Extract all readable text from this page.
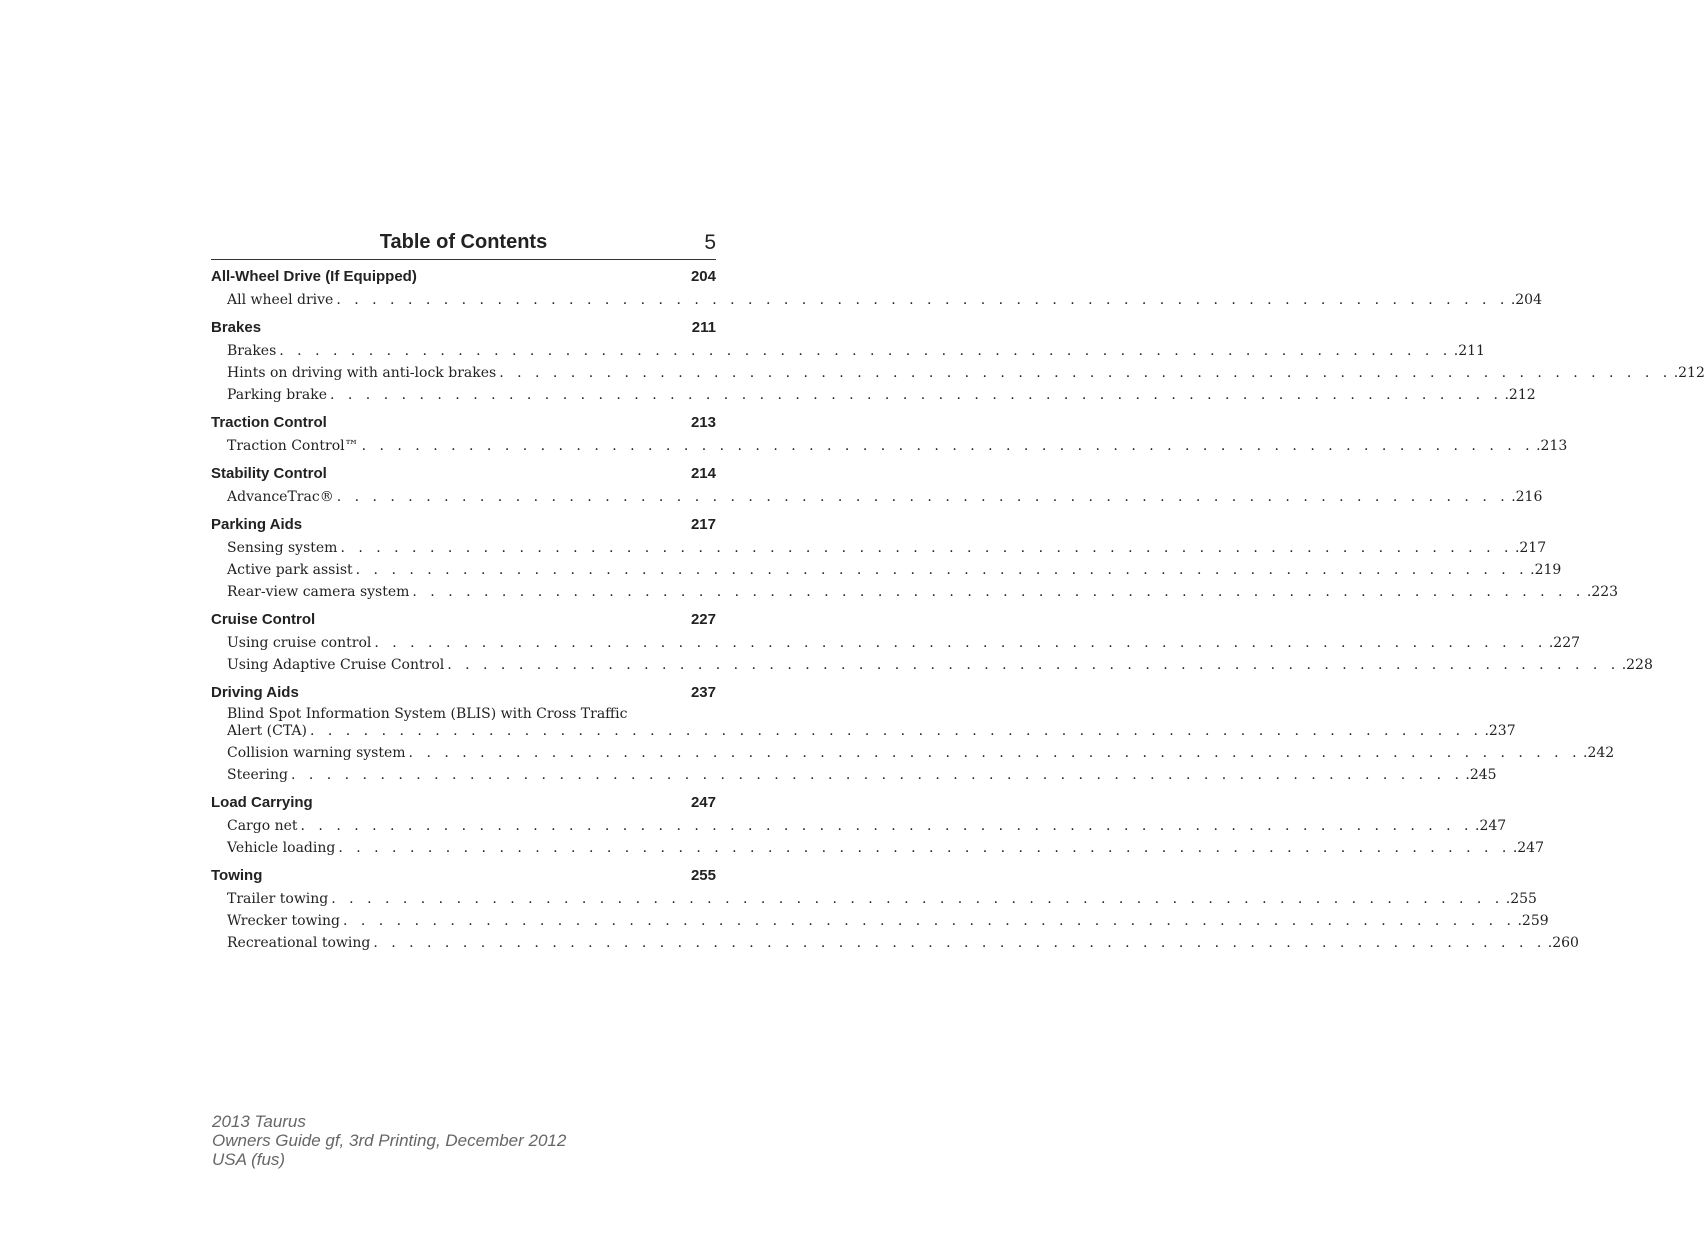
Table of Contents	5
All-Wheel Drive (If Equipped)	204
All wheel drive . . . . . . . . . . . . . . . . . . . . . . . . . . . . . . . . . . . . . . . . . . . . . . . . . . . . . . . . . . . . . . . . . . .204
Brakes	211
Brakes . . . . . . . . . . . . . . . . . . . . . . . . . . . . . . . . . . . . . . . . . . . . . . . . . . . . . . . . . . . . . . . . . . .211
Hints on driving with anti-lock brakes . . . . . . . . . . . . . . . . . . . . . . . . . . . . . . . . . . . . . . . . . . . . . . . . . . . . . . . . . . . . . . . . . . .212
Parking brake . . . . . . . . . . . . . . . . . . . . . . . . . . . . . . . . . . . . . . . . . . . . . . . . . . . . . . . . . . . . . . . . . . .212
Traction Control	213
Traction Control™ . . . . . . . . . . . . . . . . . . . . . . . . . . . . . . . . . . . . . . . . . . . . . . . . . . . . . . . . . . . . . . . . . . .213
Stability Control	214
AdvanceTrac® . . . . . . . . . . . . . . . . . . . . . . . . . . . . . . . . . . . . . . . . . . . . . . . . . . . . . . . . . . . . . . . . . . .216
Parking Aids	217
Sensing system . . . . . . . . . . . . . . . . . . . . . . . . . . . . . . . . . . . . . . . . . . . . . . . . . . . . . . . . . . . . . . . . . . .217
Active park assist . . . . . . . . . . . . . . . . . . . . . . . . . . . . . . . . . . . . . . . . . . . . . . . . . . . . . . . . . . . . . . . . . . .219
Rear-view camera system . . . . . . . . . . . . . . . . . . . . . . . . . . . . . . . . . . . . . . . . . . . . . . . . . . . . . . . . . . . . . . . . . . .223
Cruise Control	227
Using cruise control . . . . . . . . . . . . . . . . . . . . . . . . . . . . . . . . . . . . . . . . . . . . . . . . . . . . . . . . . . . . . . . . . . .227
Using Adaptive Cruise Control . . . . . . . . . . . . . . . . . . . . . . . . . . . . . . . . . . . . . . . . . . . . . . . . . . . . . . . . . . . . . . . . . . .228
Driving Aids	237
Blind Spot Information System (BLIS) with Cross Traffic
Alert (CTA) . . . . . . . . . . . . . . . . . . . . . . . . . . . . . . . . . . . . . . . . . . . . . . . . . . . . . . . . . . . . . . . . . . .237
Collision warning system . . . . . . . . . . . . . . . . . . . . . . . . . . . . . . . . . . . . . . . . . . . . . . . . . . . . . . . . . . . . . . . . . . .242
Steering . . . . . . . . . . . . . . . . . . . . . . . . . . . . . . . . . . . . . . . . . . . . . . . . . . . . . . . . . . . . . . . . . . .245
Load Carrying	247
Cargo net . . . . . . . . . . . . . . . . . . . . . . . . . . . . . . . . . . . . . . . . . . . . . . . . . . . . . . . . . . . . . . . . . . .247
Vehicle loading . . . . . . . . . . . . . . . . . . . . . . . . . . . . . . . . . . . . . . . . . . . . . . . . . . . . . . . . . . . . . . . . . . .247
Towing	255
Trailer towing . . . . . . . . . . . . . . . . . . . . . . . . . . . . . . . . . . . . . . . . . . . . . . . . . . . . . . . . . . . . . . . . . . .255
Wrecker towing . . . . . . . . . . . . . . . . . . . . . . . . . . . . . . . . . . . . . . . . . . . . . . . . . . . . . . . . . . . . . . . . . . .259
Recreational towing . . . . . . . . . . . . . . . . . . . . . . . . . . . . . . . . . . . . . . . . . . . . . . . . . . . . . . . . . . . . . . . . . . .260
2013 Taurus
Owners Guide gf, 3rd Printing, December 2012
USA (fus)
